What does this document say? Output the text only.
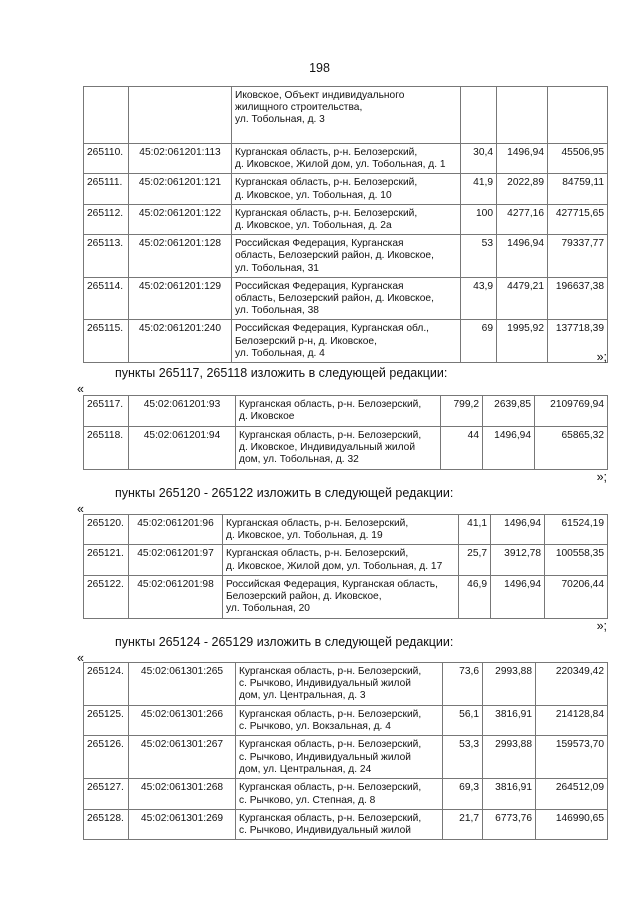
198
		Иковское, Объект индивидуального
жилищного строительства,
ул. Тобольная, д. 3			
265110.	45:02:061201:113	Курганская область, р-н. Белозерский,
д. Иковское, Жилой дом, ул. Тобольная, д. 1	30,4	1496,94	45506,95
265111.	45:02:061201:121	Курганская область, р-н. Белозерский,
д. Иковское, ул. Тобольная, д. 10	41,9	2022,89	84759,11
265112.	45:02:061201:122	Курганская область, р-н. Белозерский,
д. Иковское, ул. Тобольная, д. 2а	100	4277,16	427715,65
265113.	45:02:061201:128	Российская Федерация, Курганская
область, Белозерский район, д. Иковское,
ул. Тобольная, 31	53	1496,94	79337,77
265114.	45:02:061201:129	Российская Федерация, Курганская
область, Белозерский район, д. Иковское,
ул. Тобольная, 38	43,9	4479,21	196637,38
265115.	45:02:061201:240	Российская Федерация, Курганская обл.,
Белозерский р-н, д. Иковское,
ул. Тобольная, д. 4	69	1995,92	137718,39
»;
пункты 265117, 265118 изложить в следующей редакции:
«
265117.	45:02:061201:93	Курганская область, р-н. Белозерский,
д. Иковское	799,2	2639,85	2109769,94
265118.	45:02:061201:94	Курганская область, р-н. Белозерский,
д. Иковское, Индивидуальный жилой
дом, ул. Тобольная, д. 32	44	1496,94	65865,32
»;
пункты 265120 - 265122 изложить в следующей редакции:
«
265120.	45:02:061201:96	Курганская область, р-н. Белозерский,
д. Иковское, ул. Тобольная, д. 19	41,1	1496,94	61524,19
265121.	45:02:061201:97	Курганская область, р-н. Белозерский,
д. Иковское, Жилой дом, ул. Тобольная, д. 17	25,7	3912,78	100558,35
265122.	45:02:061201:98	Российская Федерация, Курганская область,
Белозерский район, д. Иковское,
ул. Тобольная, 20	46,9	1496,94	70206,44
»;
пункты 265124 - 265129 изложить в следующей редакции:
«
265124.	45:02:061301:265	Курганская область, р-н. Белозерский,
с. Рычково, Индивидуальный жилой
дом, ул. Центральная, д. 3	73,6	2993,88	220349,42
265125.	45:02:061301:266	Курганская область, р-н. Белозерский,
с. Рычково, ул. Вокзальная, д. 4	56,1	3816,91	214128,84
265126.	45:02:061301:267	Курганская область, р-н. Белозерский,
с. Рычково, Индивидуальный жилой
дом, ул. Центральная, д. 24	53,3	2993,88	159573,70
265127.	45:02:061301:268	Курганская область, р-н. Белозерский,
с. Рычково, ул. Степная, д. 8	69,3	3816,91	264512,09
265128.	45:02:061301:269	Курганская область, р-н. Белозерский,
с. Рычково, Индивидуальный жилой	21,7	6773,76	146990,65
